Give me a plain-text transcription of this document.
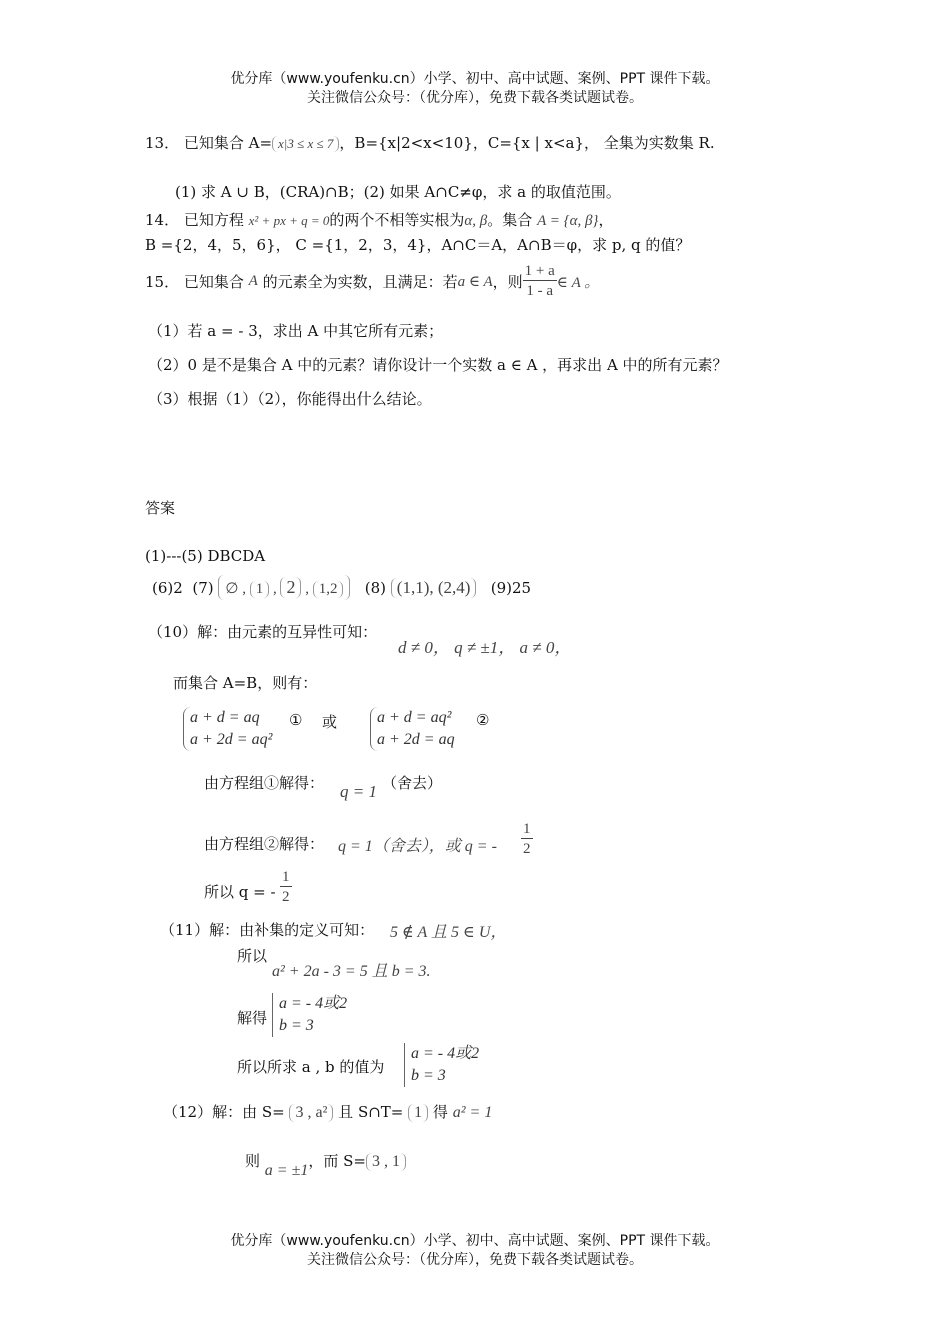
优分库（www.youfenku.cn）小学、初中、高中试题、案例、PPT 课件下载。
关注微信公众号：（优分库），免费下载各类试题试卷。
13． 已知集合 A= x|3 ≤ x ≤ 7 ，B={x|2<x<10}，C={x | x<a}， 全集为实数集 R.
(1) 求 A ∪ B，(CRA)∩B；(2) 如果 A∩C≠φ，求 a 的取值范围。
14． 已知方程 x² + px + q = 0的两个不相等实根为α, β。集合 A = {α, β}，
B ={2，4，5，6}， C ={1，2，3，4}，A∩C＝A，A∩B＝φ，求 p, q 的值？
15． 已知集合 A 的元素全为实数，且满足：若a ∈ A，则 $\frac{1 + a}{1 - a}$ ∈ A 。
（1）若 a = - 3，求出 A 中其它所有元素；
（2）0 是不是集合 A 中的元素？请你设计一个实数 a ∈ A ，再求出 A 中的所有元素？
（3）根据（1）（2），你能得出什么结论。
答案
(1)---(5) DBCDA
(6)2 (7) ∅ , 1 , 2 , 1,2 (8) (1,1), (2,4) (9)25
（10）解：由元素的互异性可知：
d ≠ 0， q ≠ ±1， a ≠ 0，
而集合 A=B，则有：
a + d = aq
a + 2d = aq²
① 或 a + d = aq²
a + 2d = aq
②
由方程组①解得： q = 1 （舍去）
由方程组②解得： q = 1（舍去），或 q = - $\frac{1}{2}$
所以 q = - $\frac{1}{2}$
（11）解：由补集的定义可知： 5 ∉ A 且 5 ∈ U，
所以
a² + 2a - 3 = 5 且 b = 3.
解得
a = - 4或2
b = 3
所以所求 a , b 的值为
a = - 4或2
b = 3
（12）解：由 S= 3 , a² 且 S∩T= 1 得 a² = 1
则 a = ±1，而 S= 3 , 1
优分库（www.youfenku.cn）小学、初中、高中试题、案例、PPT 课件下载。
关注微信公众号：（优分库），免费下载各类试题试卷。
